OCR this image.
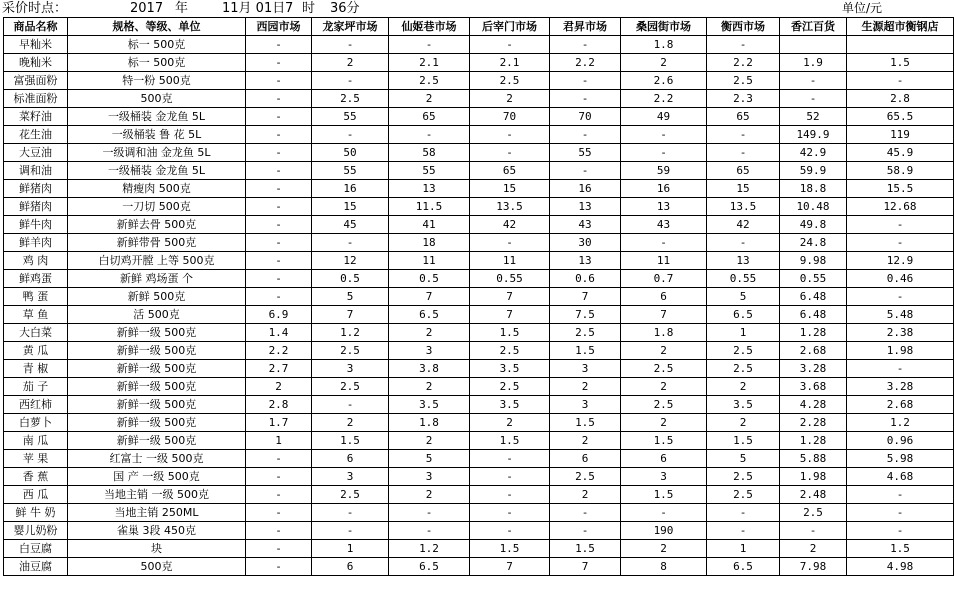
采价时点：	2017 年	11月 01日 7 时 36分	单位/元
商品名称	规格、等级、单位	西园市场	龙家坪市场	仙姬巷市场	后宰门市场	君昇市场	桑园街市场	衡西市场	香江百货	生源超市衡钢店
早籼米	标一 500克	-	-	-	-	-	1.8	-		
晚籼米	标一 500克	-	2	2.1	2.1	2.2	2	2.2	1.9	1.5
富强面粉	特一粉 500克	-	-	2.5	2.5	-	2.6	2.5	-	-
标准面粉	500克	-	2.5	2	2	-	2.2	2.3	-	2.8
菜籽油	一级桶装 金龙鱼 5L	-	55	65	70	70	49	65	52	65.5
花生油	一级桶装 鲁 花 5L	-	-	-	-	-	-	-	149.9	119
大豆油	一级调和油 金龙鱼 5L	-	50	58	-	55	-	-	42.9	45.9
调和油	一级桶装 金龙鱼 5L	-	55	55	65	-	59	65	59.9	58.9
鲜猪肉	精瘦肉 500克	-	16	13	15	16	16	15	18.8	15.5
鲜猪肉	一刀切 500克	-	15	11.5	13.5	13	13	13.5	10.48	12.68
鲜牛肉	新鲜去骨 500克	-	45	41	42	43	43	42	49.8	-
鲜羊肉	新鲜带骨 500克	-	-	18	-	30	-	-	24.8	-
鸡 肉	白切鸡开膛 上等 500克	-	12	11	11	13	11	13	9.98	12.9
鲜鸡蛋	新鲜 鸡场蛋 个	-	0.5	0.5	0.55	0.6	0.7	0.55	0.55	0.46
鸭 蛋	新鲜 500克	-	5	7	7	7	6	5	6.48	-
草 鱼	活 500克	6.9	7	6.5	7	7.5	7	6.5	6.48	5.48
大白菜	新鲜一级 500克	1.4	1.2	2	1.5	2.5	1.8	1	1.28	2.38
黄 瓜	新鲜一级 500克	2.2	2.5	3	2.5	1.5	2	2.5	2.68	1.98
青 椒	新鲜一级 500克	2.7	3	3.8	3.5	3	2.5	2.5	3.28	-
茄 子	新鲜一级 500克	2	2.5	2	2.5	2	2	2	3.68	3.28
西红柿	新鲜一级 500克	2.8	-	3.5	3.5	3	2.5	3.5	4.28	2.68
白萝卜	新鲜一级 500克	1.7	2	1.8	2	1.5	2	2	2.28	1.2
南 瓜	新鲜一级 500克	1	1.5	2	1.5	2	1.5	1.5	1.28	0.96
苹 果	红富士 一级 500克	-	6	5	-	6	6	5	5.88	5.98
香 蕉	国 产 一级 500克	-	3	3	-	2.5	3	2.5	1.98	4.68
西 瓜	当地主销 一级 500克	-	2.5	2	-	2	1.5	2.5	2.48	-
鲜 牛 奶	当地主销 250ML	-	-	-	-	-	-	-	2.5	-
婴儿奶粉	雀巢 3段 450克	-	-	-	-	-	190	-	-	-
白豆腐	块	-	1	1.2	1.5	1.5	2	1	2	1.5
油豆腐	500克	-	6	6.5	7	7	8	6.5	7.98	4.98
